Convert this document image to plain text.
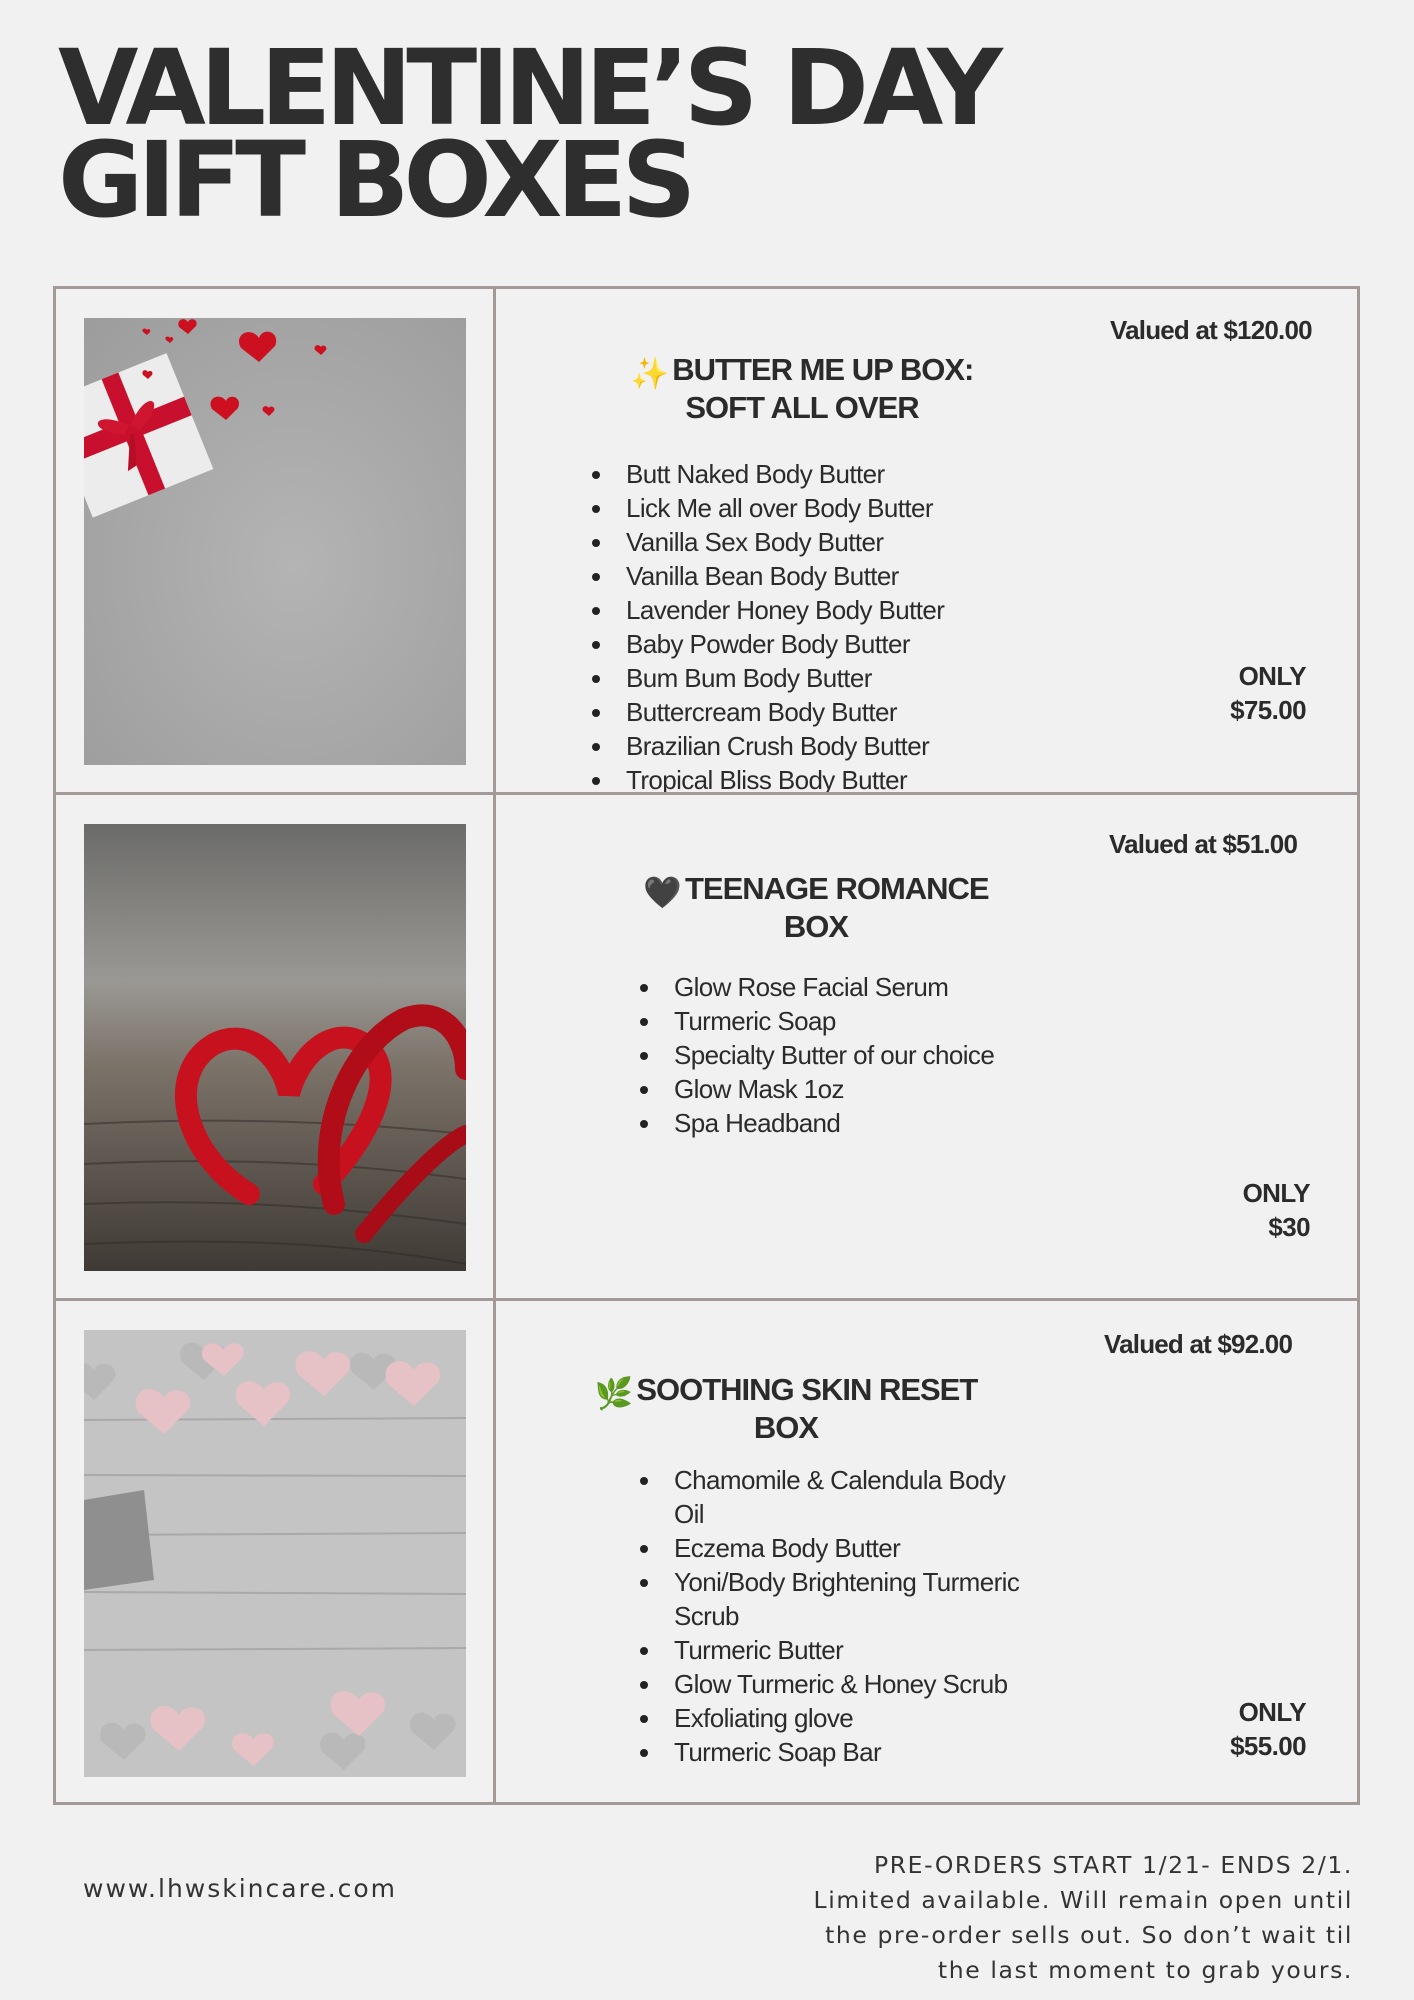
VALENTINE’S DAY
GIFT BOXES
Valued at $120.00
✨ BUTTER ME UP BOX:
SOFT ALL OVER
Butt Naked Body Butter
Lick Me all over Body Butter
Vanilla Sex Body Butter
Vanilla Bean Body Butter
Lavender Honey Body Butter
Baby Powder Body Butter
Bum Bum Body Butter
Buttercream Body Butter
Brazilian Crush Body Butter
Tropical Bliss Body Butter
ONLY
$75.00
Valued at $51.00
🖤 TEENAGE ROMANCE
BOX
Glow Rose Facial Serum
Turmeric Soap
Specialty Butter of our choice
Glow Mask 1oz
Spa Headband
ONLY
$30
Valued at $92.00
🌿 SOOTHING SKIN RESET
BOX
Chamomile & Calendula Body Oil
Eczema Body Butter
Yoni/Body Brightening Turmeric Scrub
Turmeric Butter
Glow Turmeric & Honey Scrub
Exfoliating glove
Turmeric Soap Bar
ONLY
$55.00
www.lhwskincare.com
PRE-ORDERS START 1/21- ENDS 2/1.
Limited available. Will remain open until
the pre-order sells out. So don’t wait til
the last moment to grab yours.
